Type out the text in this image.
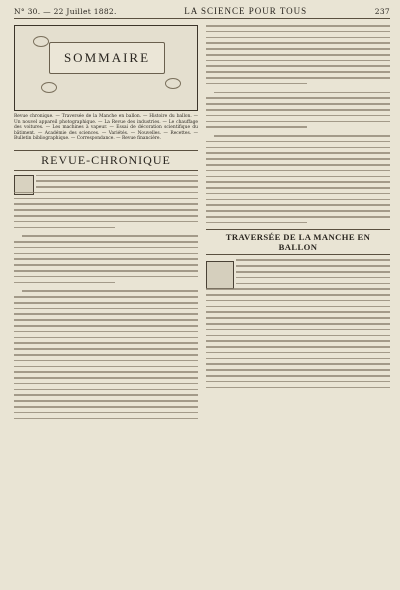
N° 30. — 22 Juillet 1882.	LA SCIENCE POUR TOUS	237
SOMMAIRE
Revue chronique. — Traversée de la Manche en ballon. — Histoire du ballon. — Un nouvel appareil photographique. — La Revue des industries. — Le chauffage des voitures. — Les machines à vapeur. — Essai de décoration scientifique du bâtiment. — Académie des sciences. — Variétés. — Nouvelles. — Recettes. — Bulletin bibliographique. — Correspondance. — Revue financière.
REVUE-CHRONIQUE
TRAVERSÉE DE LA MANCHE EN BALLON
